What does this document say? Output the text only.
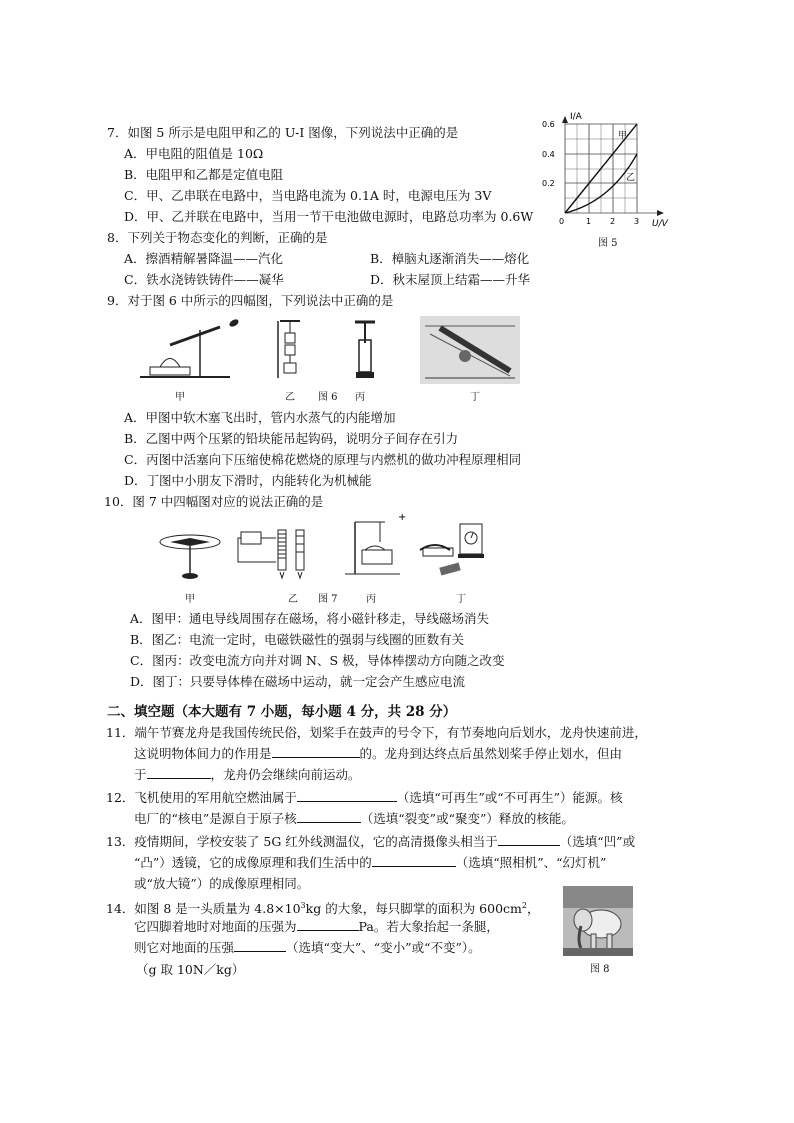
7．如图 5 所示是电阻甲和乙的 U-I 图像，下列说法中正确的是
A．甲电阻的阻值是 10Ω
B．电阻甲和乙都是定值电阻
C．甲、乙串联在电路中，当电路电流为 0.1A 时，电源电压为 3V
D．甲、乙并联在电路中，当用一节干电池做电源时，电路总功率为 0.6W
I/A
U/V
0.6
0.4
0.2
0	1 2 3
甲
乙
图 5
8．下列关于物态变化的判断，正确的是
A．擦酒精解暑降温——汽化	B．樟脑丸逐渐消失——熔化
C．铁水浇铸铁铸件——凝华	D．秋末屋顶上结霜——升华
9．对于图 6 中所示的四幅图，下列说法中正确的是
甲	乙 图 6 丙	丁
A．甲图中软木塞飞出时，管内水蒸气的内能增加
B．乙图中两个压紧的铅块能吊起钩码，说明分子间存在引力
C．丙图中活塞向下压缩使棉花燃烧的原理与内燃机的做功冲程原理相同
D．丁图中小朋友下滑时，内能转化为机械能
10．图 7 中四幅图对应的说法正确的是
+
甲	乙 图 7	丙	丁
A．图甲：通电导线周围存在磁场，将小磁针移走，导线磁场消失
B．图乙：电流一定时，电磁铁磁性的强弱与线圈的匝数有关
C．图丙：改变电流方向并对调 N、S 极，导体棒摆动方向随之改变
D．图丁：只要导体棒在磁场中运动，就一定会产生感应电流
二、填空题（本大题有 7 小题，每小题 4 分，共 28 分）
11．端午节赛龙舟是我国传统民俗，划桨手在鼓声的号令下，有节奏地向后划水，龙舟快速前进，
这说明物体间力的作用是	的。龙舟到达终点后虽然划桨手停止划水，但由
于	，龙舟仍会继续向前运动。
12．飞机使用的军用航空燃油属于	（选填“可再生”或“不可再生”）能源。核
电厂的“核电”是源自于原子核	（选填“裂变”或“聚变”）释放的核能。
13．疫情期间，学校安装了 5G 红外线测温仪，它的高清摄像头相当于	（选填“凹”或
“凸”）透镜，它的成像原理和我们生活中的	（选填“照相机”、“幻灯机”
或“放大镜”）的成像原理相同。
14．如图 8 是一头质量为 $4.8\times 10^3kg$ 的大象，每只脚掌的面积为 $600cm^2$，
它四脚着地时对地面的压强为	Pa。若大象抬起一条腿，
则它对地面的压强	（选填“变大”、“变小”或“不变”）。
（g 取 10N／kg）	图 8
